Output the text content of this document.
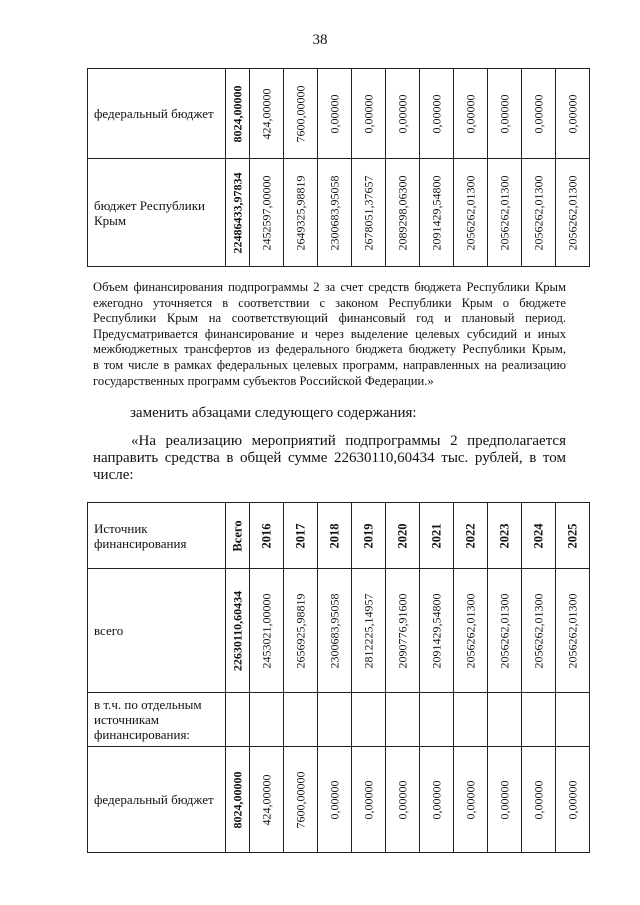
38
федеральный бюджет	8024,00000	424,00000	7600,00000	0,00000	0,00000	0,00000	0,00000	0,00000	0,00000	0,00000	0,00000

бюджет Республики Крым	22486433,97834	2452597,00000	2649325,98819	2300683,95058	2678051,37657	2089298,06300	2091429,54800	2056262,01300	2056262,01300	2056262,01300	2056262,01300
Объем финансирования подпрограммы 2 за счет средств бюджета Республики Крым
ежегодно уточняется в соответствии с законом Республики Крым о бюджете
Республики Крым на соответствующий финансовый год и плановый период.
Предусматривается финансирование и через выделение целевых субсидий и иных
межбюджетных трансфертов из федерального бюджета бюджету Республики Крым,
в том числе в рамках федеральных целевых программ, направленных на реализацию
государственных программ субъектов Российской Федерации.»
заменить абзацами следующего содержания:
«На реализацию мероприятий подпрограммы 2 предполагается
направить средства в общей сумме 22630110,60434 тыс. рублей, в том
числе:
Источник финансирования	Всего	2016	2017	2018	2019	2020	2021	2022	2023	2024	2025

всего	22630110,60434	2453021,00000	2656925,98819	2300683,95058	2812225,14957	2090776,91600	2091429,54800	2056262,01300	2056262,01300	2056262,01300	2056262,01300

в т.ч. по отдельным источникам финансирования:											
федеральный бюджет	8024,00000	424,00000	7600,00000	0,00000	0,00000	0,00000	0,00000	0,00000	0,00000	0,00000	0,00000
